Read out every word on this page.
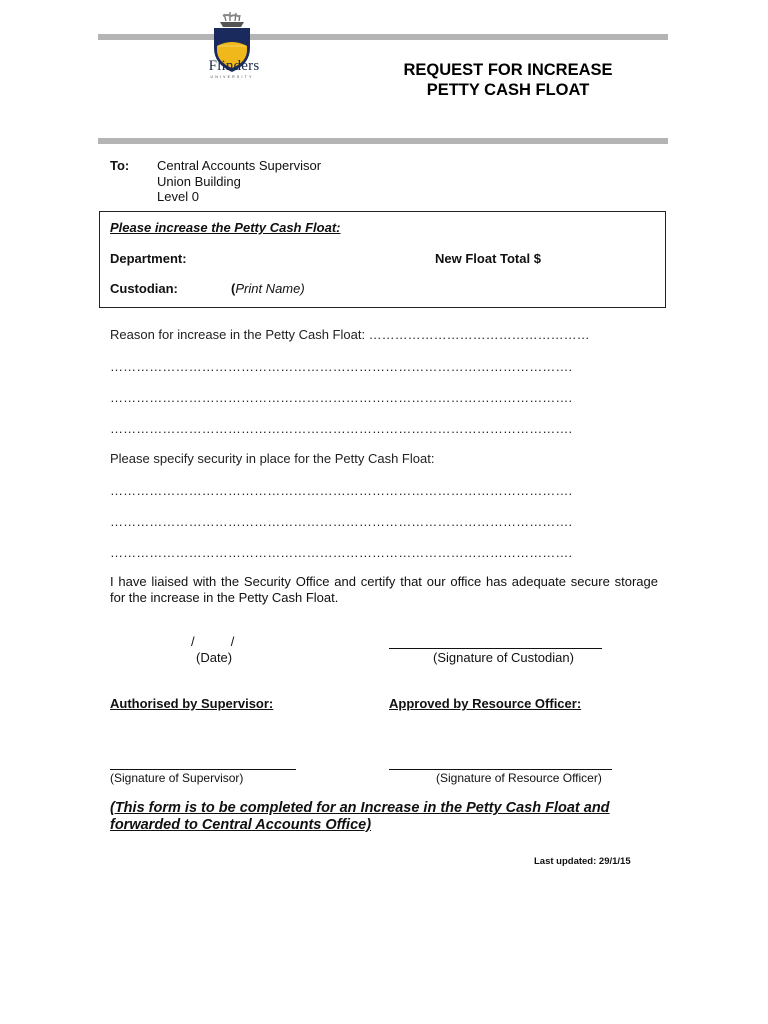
Flinders
UNIVERSITY	REQUEST FOR INCREASE
PETTY CASH FLOAT
To: Central Accounts Supervisor
Union Building
Level 0
Please increase the Petty Cash Float:
Department:	New Float Total $
Custodian:	(Print Name)
Reason for increase in the Petty Cash Float: ……………………………………………
…………………………………………………………………………………………….
…………………………………………………………………………………………….
…………………………………………………………………………………………….
Please specify security in place for the Petty Cash Float:
…………………………………………………………………………………………….
…………………………………………………………………………………………….
…………………………………………………………………………………………….
I have liaised with the Security Office and certify that our office has adequate secure storage for the increase in the Petty Cash Float.
/          /
(Date)	(Signature of Custodian)
Authorised by Supervisor:	Approved by Resource Officer:
(Signature of Supervisor)	(Signature of Resource Officer)
(This form is to be completed for an Increase in the Petty Cash Float and forwarded to Central Accounts Office)
Last updated: 29/1/15
